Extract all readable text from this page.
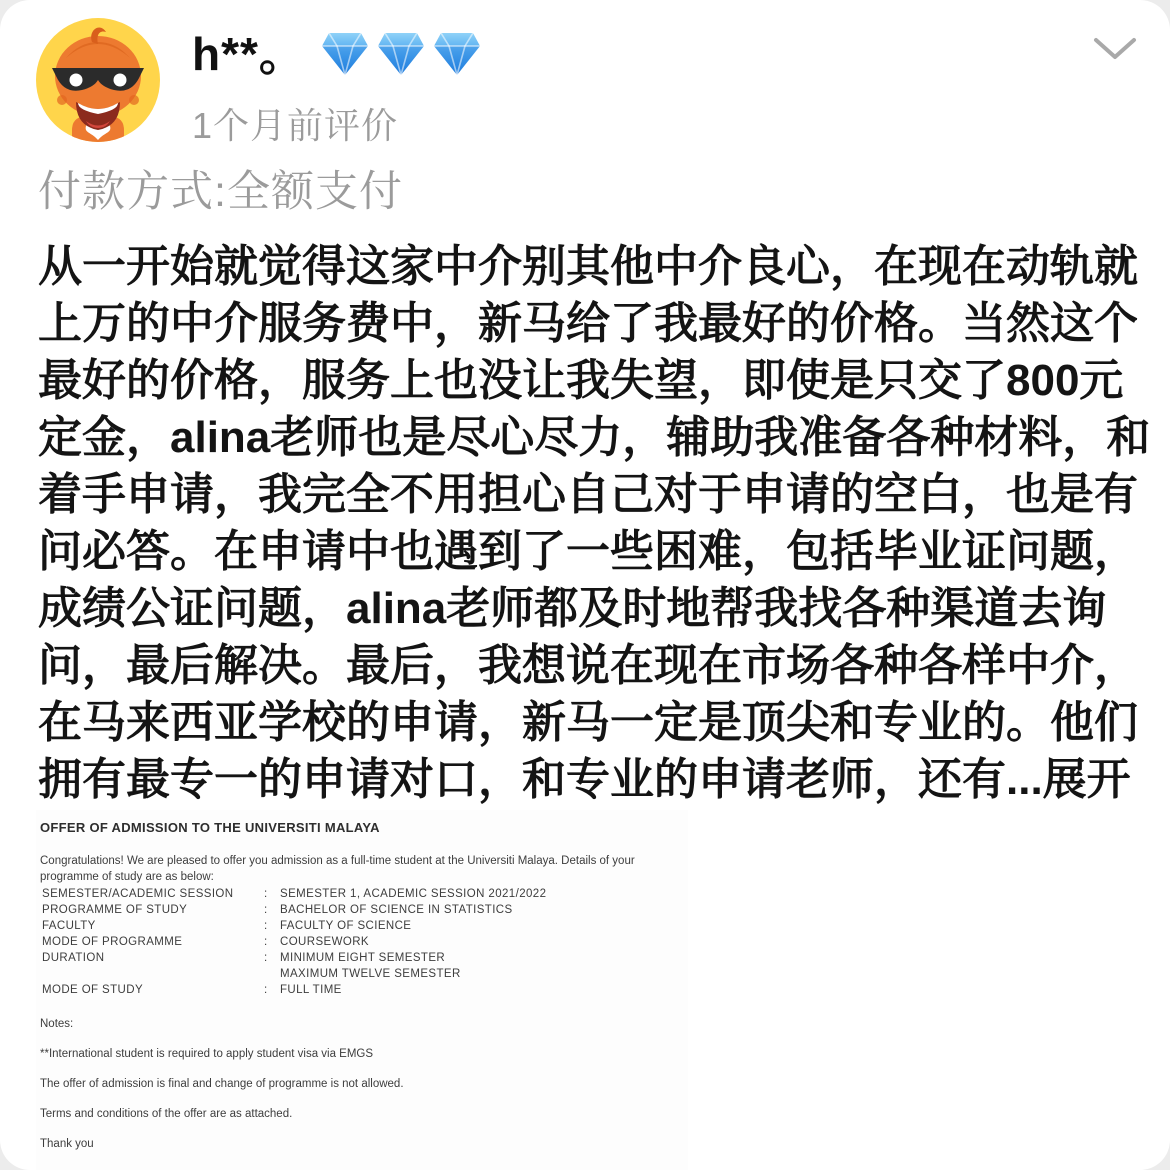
h**。
1个月前评价
付款方式:全额支付
从一开始就觉得这家中介别其他中介良心，在现在动轨就
上万的中介服务费中，新马给了我最好的价格。当然这个
最好的价格，服务上也没让我失望，即使是只交了800元
定金，alina老师也是尽心尽力，辅助我准备各种材料，和
着手申请，我完全不用担心自己对于申请的空白，也是有
问必答。在申请中也遇到了一些困难，包括毕业证问题，
成绩公证问题，alina老师都及时地帮我找各种渠道去询
问，最后解决。最后，我想说在现在市场各种各样中介，
在马来西亚学校的申请，新马一定是顶尖和专业的。他们
拥有最专一的申请对口，和专业的申请老师，还有...展开
OFFER OF ADMISSION TO THE UNIVERSITI MALAYA
Congratulations! We are pleased to offer you admission as a full-time student at the Universiti Malaya. Details of your programme of study are as below:
SEMESTER/ACADEMIC SESSION	:	SEMESTER 1, ACADEMIC SESSION 2021/2022
PROGRAMME OF STUDY	:	BACHELOR OF SCIENCE IN STATISTICS
FACULTY	:	FACULTY OF SCIENCE
MODE OF PROGRAMME	:	COURSEWORK
DURATION	:	MINIMUM EIGHT SEMESTER
MAXIMUM TWELVE SEMESTER
MODE OF STUDY	:	FULL TIME
Notes:
**International student is required to apply student visa via EMGS
The offer of admission is final and change of programme is not allowed.
Terms and conditions of the offer are as attached.
Thank you
